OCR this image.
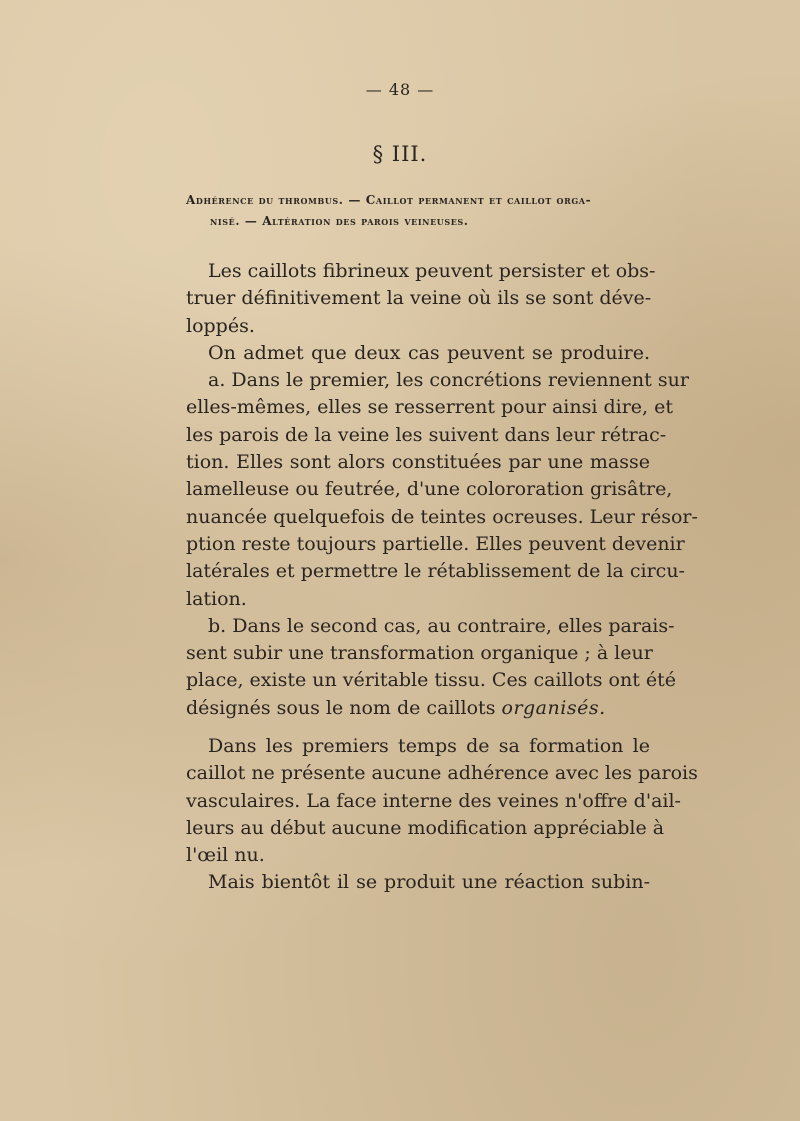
— 48 —
§ III.
Adhérence du thrombus. — Caillot permanent et caillot orga-
nisé. — Altération des parois veineuses.
Les caillots fibrineux peuvent persister et obs-
truer définitivement la veine où ils se sont déve-
loppés.
On admet que deux cas peuvent se produire.
a. Dans le premier, les concrétions reviennent sur
elles-mêmes, elles se resserrent pour ainsi dire, et
les parois de la veine les suivent dans leur rétrac-
tion. Elles sont alors constituées par une masse
lamelleuse ou feutrée, d'une colororation grisâtre,
nuancée quelquefois de teintes ocreuses. Leur résor-
ption reste toujours partielle. Elles peuvent devenir
latérales et permettre le rétablissement de la circu-
lation.
b. Dans le second cas, au contraire, elles parais-
sent subir une transformation organique ; à leur
place, existe un véritable tissu. Ces caillots ont été
désignés sous le nom de caillots organisés.
Dans les premiers temps de sa formation le
caillot ne présente aucune adhérence avec les parois
vasculaires. La face interne des veines n'offre d'ail-
leurs au début aucune modification appréciable à
l'œil nu.
Mais bientôt il se produit une réaction subin-
